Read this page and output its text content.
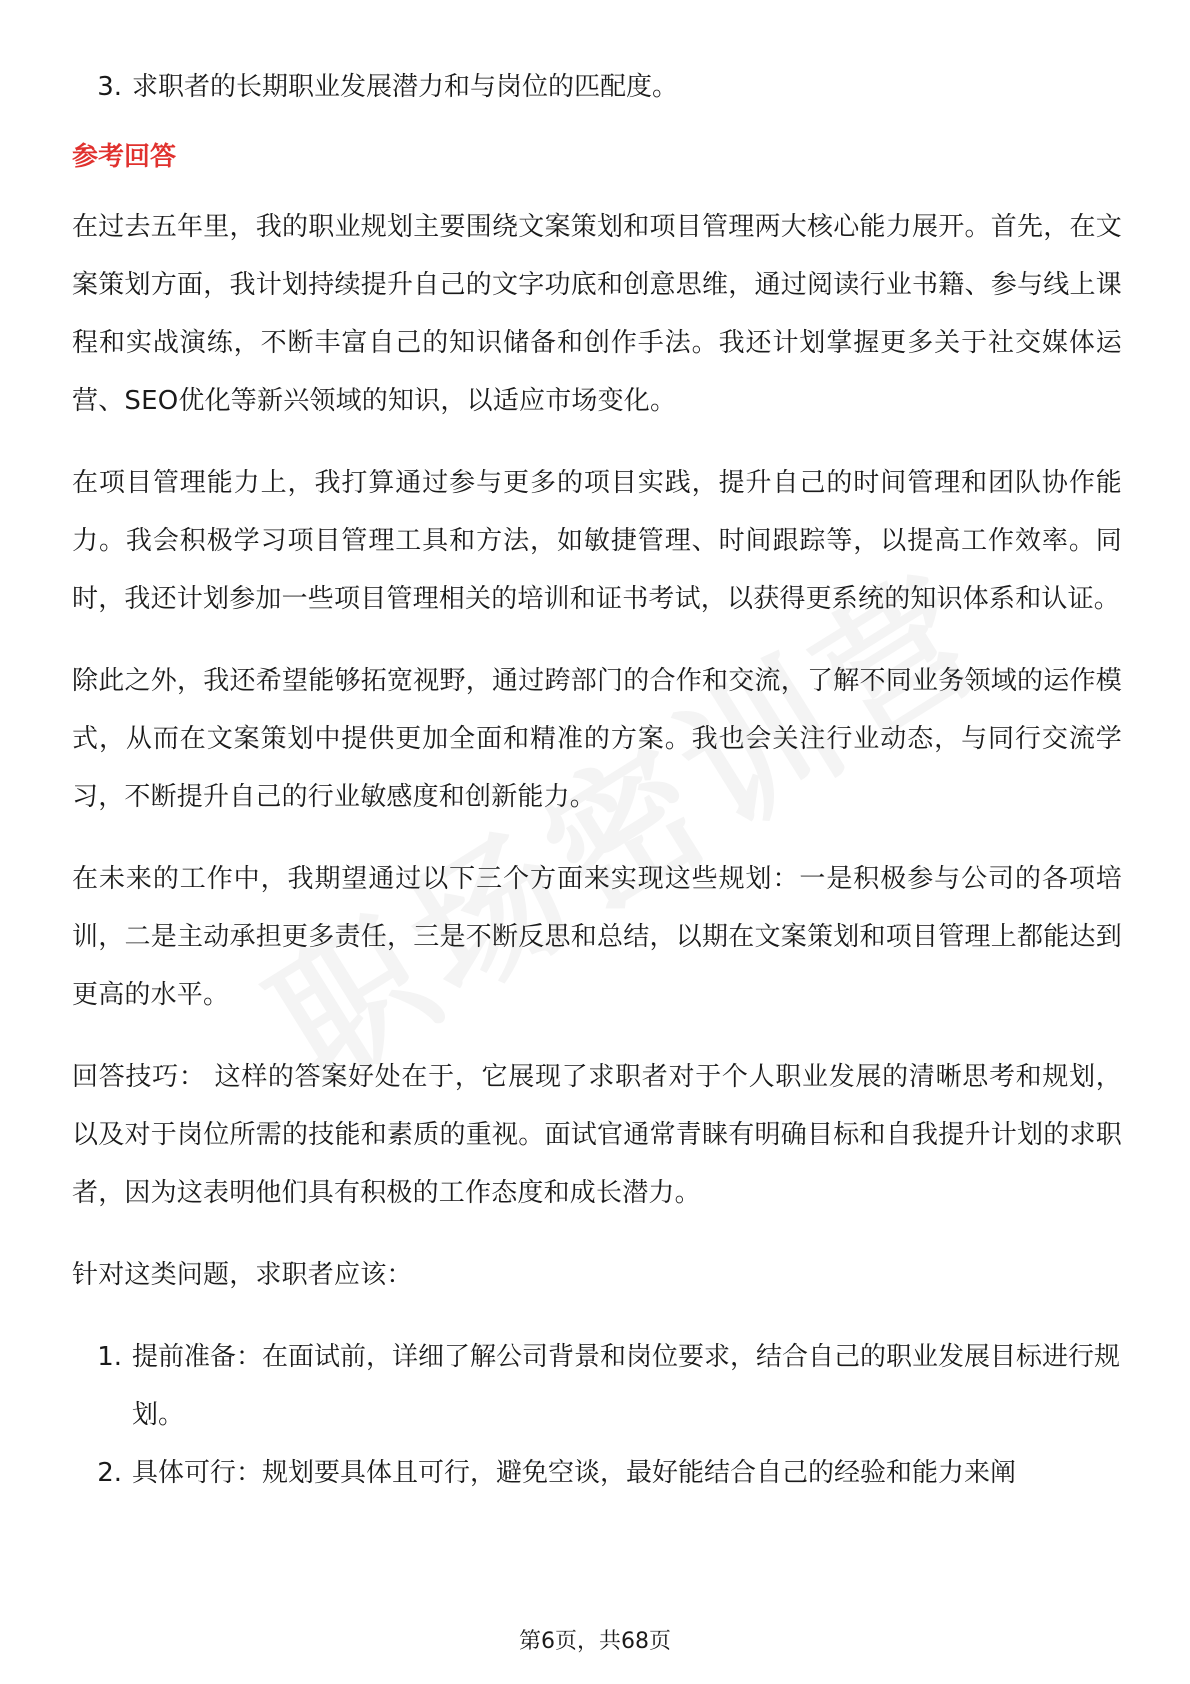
3. 求职者的长期职业发展潜力和与岗位的匹配度。
参考回答

在过去五年里，我的职业规划主要围绕文案策划和项目管理两大核心能力展开。首先，在文案策划方面，我计划持续提升自己的文字功底和创意思维，通过阅读行业书籍、参与线上课程和实战演练，不断丰富自己的知识储备和创作手法。我还计划掌握更多关于社交媒体运营、SEO优化等新兴领域的知识，以适应市场变化。

在项目管理能力上，我打算通过参与更多的项目实践，提升自己的时间管理和团队协作能力。我会积极学习项目管理工具和方法，如敏捷管理、时间跟踪等，以提高工作效率。同时，我还计划参加一些项目管理相关的培训和证书考试，以获得更系统的知识体系和认证。

除此之外，我还希望能够拓宽视野，通过跨部门的合作和交流，了解不同业务领域的运作模式，从而在文案策划中提供更加全面和精准的方案。我也会关注行业动态，与同行交流学习，不断提升自己的行业敏感度和创新能力。

在未来的工作中，我期望通过以下三个方面来实现这些规划：一是积极参与公司的各项培训，二是主动承担更多责任，三是不断反思和总结，以期在文案策划和项目管理上都能达到更高的水平。

回答技巧： 这样的答案好处在于，它展现了求职者对于个人职业发展的清晰思考和规划，以及对于岗位所需的技能和素质的重视。面试官通常青睐有明确目标和自我提升计划的求职者，因为这表明他们具有积极的工作态度和成长潜力。

针对这类问题，求职者应该：

1. 提前准备：在面试前，详细了解公司背景和岗位要求，结合自己的职业发展目标进行规划。
2. 具体可行：规划要具体且可行，避免空谈，最好能结合自己的经验和能力来阐
第6页，共68页
